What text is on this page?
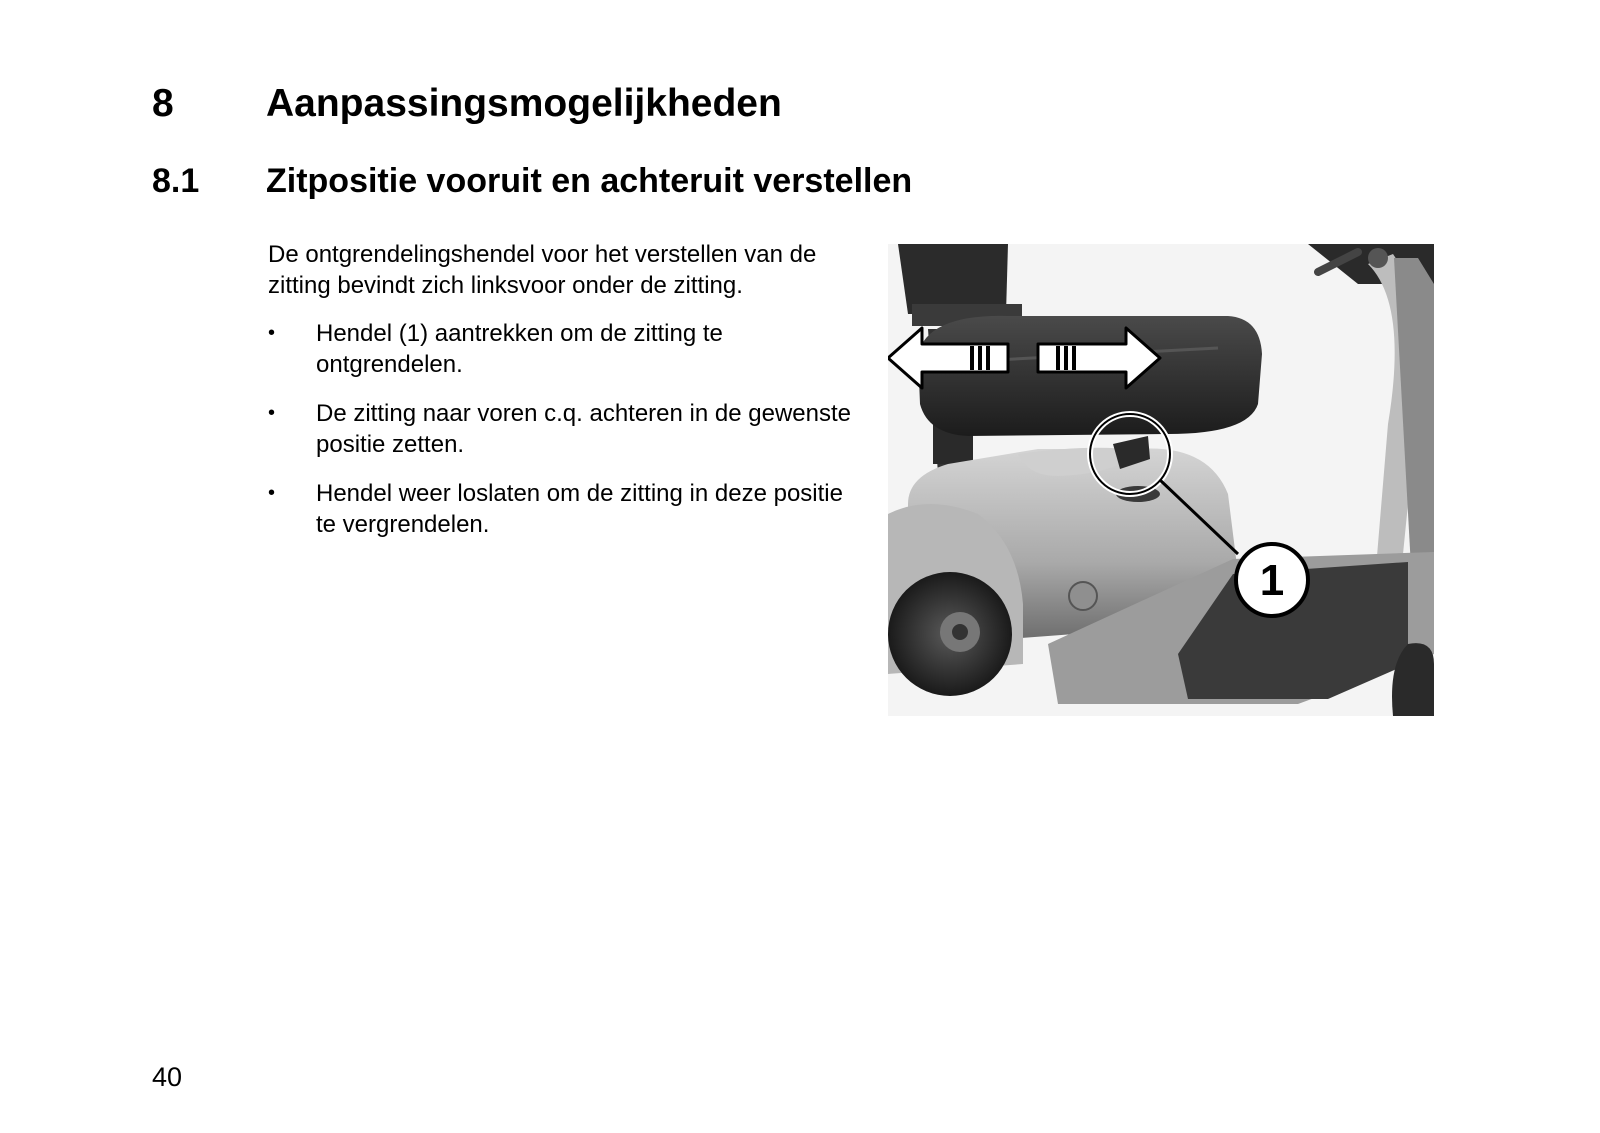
8 Aanpassingsmogelijkheden
8.1 Zitpositie vooruit en achteruit verstellen

De ontgrendelingshendel voor het verstellen van de zitting bevindt zich linksvoor onder de zitting.

• Hendel (1) aantrekken om de zitting te ontgrendelen.
• De zitting naar voren c.q. achteren in de gewenste positie zetten.
• Hendel weer loslaten om de zitting in deze positie te vergrendelen.
1
40
